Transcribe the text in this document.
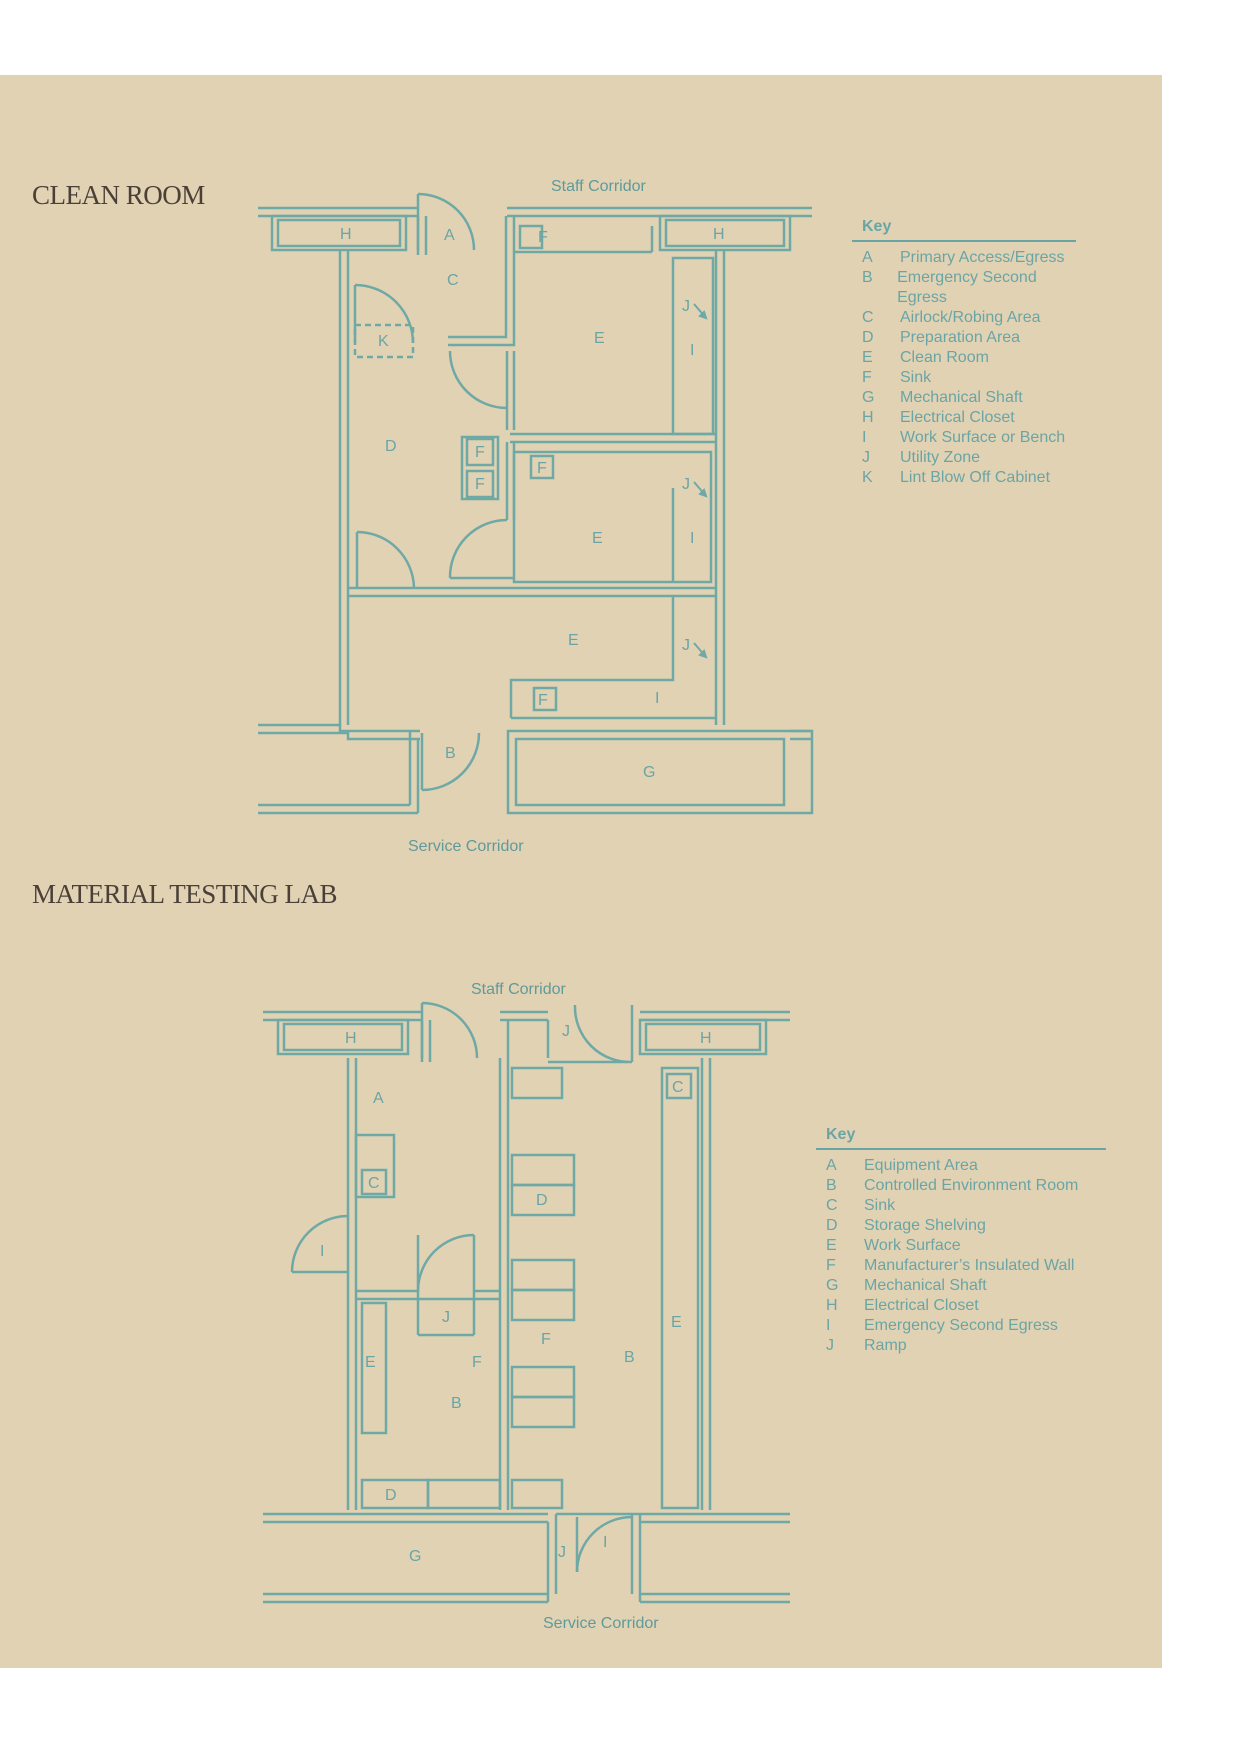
CLEAN ROOM	Staff Corridor
Service Corridor
H	H
A
C
F
E
J
I
K
D	F
F
F
J
E	I
E	J
F	I
B
G
H	H
J
C
A
C
D
I
J	E
F
B
E	F
B
D
G	J
I
Key
A	Primary Access/Egress
B	Emergency Second Egress
C	Airlock/Robing Area
D	Preparation Area
E	Clean Room
F	Sink
G	Mechanical Shaft
H	Electrical Closet
I	Work Surface or Bench
J	Utility Zone
K	Lint Blow Off Cabinet
MATERIAL TESTING LAB
Staff Corridor
Service Corridor
Key
A	Equipment Area
B	Controlled Environment Room
C	Sink
D	Storage Shelving
E	Work Surface
F	Manufacturer’s Insulated Wall
G	Mechanical Shaft
H	Electrical Closet
I	Emergency Second Egress
J	Ramp
